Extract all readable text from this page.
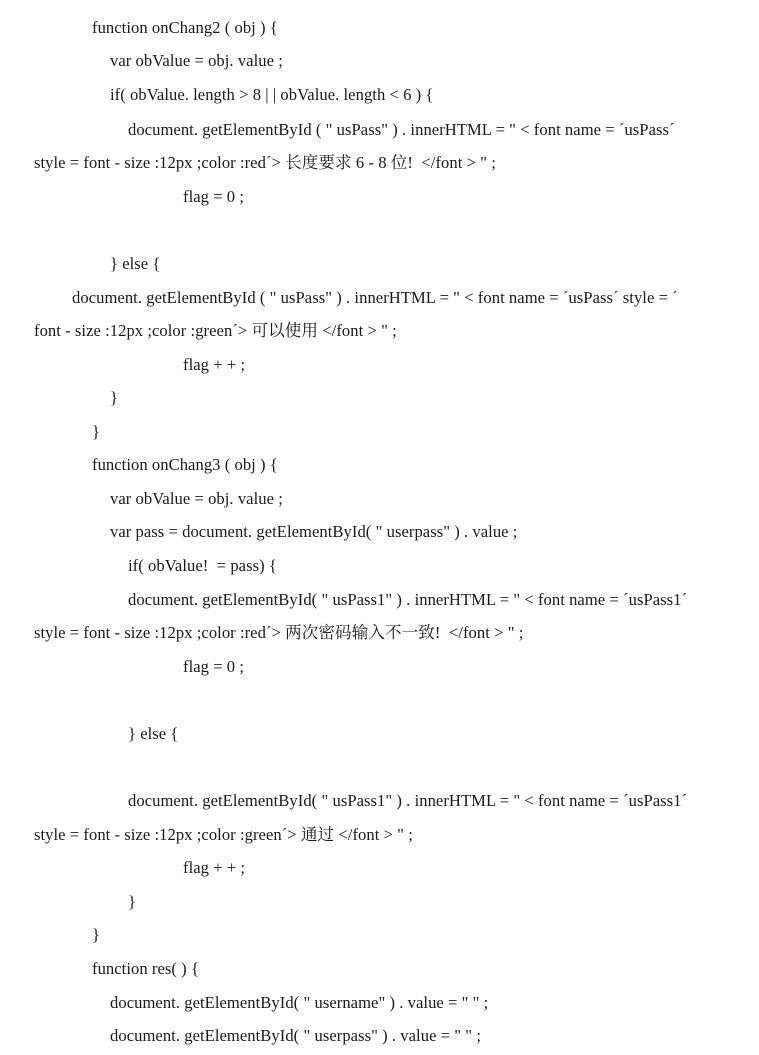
function onChang2 ( obj ) {
var obValue = obj. value ;
if( obValue. length > 8 | | obValue. length < 6 ) {
document. getElementById ( " usPass" ) . innerHTML = " < font name = ´usPass´
style = font - size :12px ;color :red´> 长度要求 6 - 8 位!  </font > " ;
flag = 0 ;
} else {
document. getElementById ( " usPass" ) . innerHTML = " < font name = ´usPass´ style = ´
font - size :12px ;color :green´> 可以使用 </font > " ;
flag + + ;
}
}
function onChang3 ( obj ) {
var obValue = obj. value ;
var pass = document. getElementById( " userpass" ) . value ;
if( obValue!  = pass) {
document. getElementById( " usPass1" ) . innerHTML = " < font name = ´usPass1´
style = font - size :12px ;color :red´> 两次密码输入不一致!  </font > " ;
flag = 0 ;
} else {
document. getElementById( " usPass1" ) . innerHTML = " < font name = ´usPass1´
style = font - size :12px ;color :green´> 通过 </font > " ;
flag + + ;
}
}
function res( ) {
document. getElementById( " username" ) . value = " " ;
document. getElementById( " userpass" ) . value = " " ;
